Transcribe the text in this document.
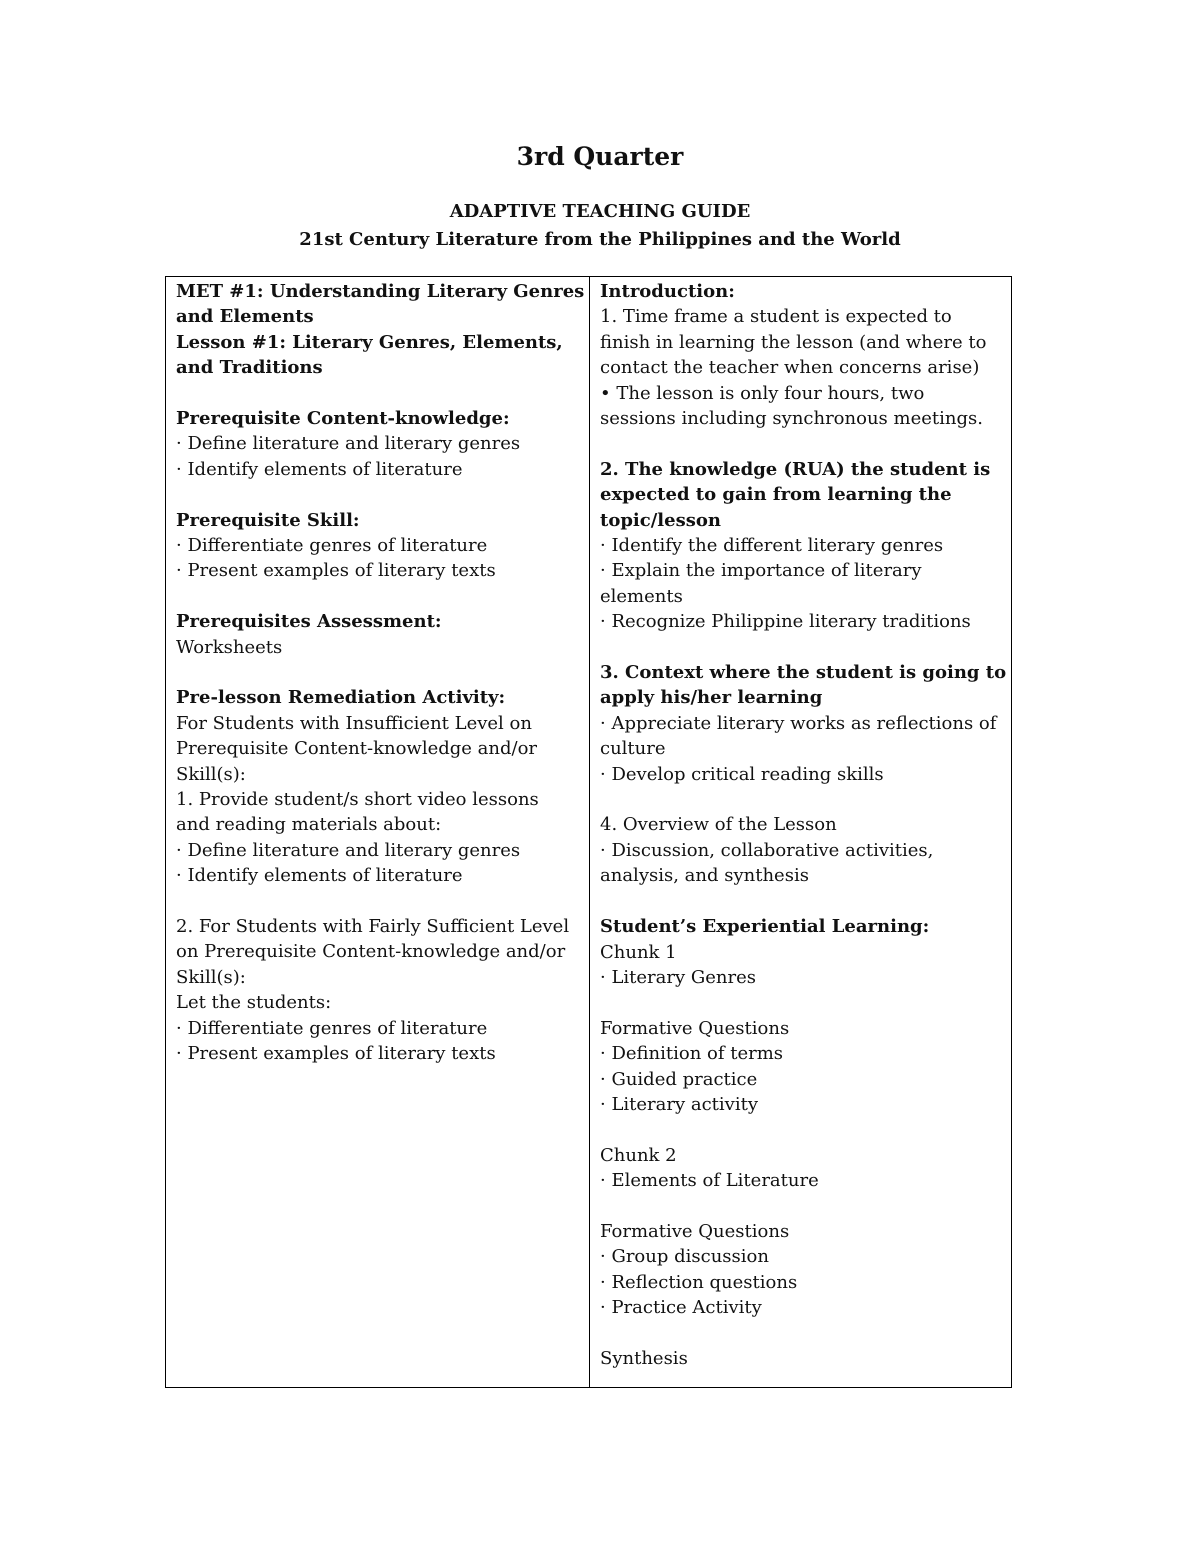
3rd Quarter
ADAPTIVE TEACHING GUIDE
21st Century Literature from the Philippines and the World
MET #1: Understanding Literary Genres
and Elements
Lesson #1: Literary Genres, Elements,
and Traditions
Prerequisite Content-knowledge:
· Define literature and literary genres
· Identify elements of literature
Prerequisite Skill:
· Differentiate genres of literature
· Present examples of literary texts
Prerequisites Assessment:
Worksheets
Pre-lesson Remediation Activity:
For Students with Insufficient Level on
Prerequisite Content-knowledge and/or
Skill(s):
1. Provide student/s short video lessons
and reading materials about:
· Define literature and literary genres
· Identify elements of literature
2. For Students with Fairly Sufficient Level
on Prerequisite Content-knowledge and/or
Skill(s):
Let the students:
· Differentiate genres of literature
· Present examples of literary texts
Introduction:
1. Time frame a student is expected to
finish in learning the lesson (and where to
contact the teacher when concerns arise)
• The lesson is only four hours, two
sessions including synchronous meetings.
2. The knowledge (RUA) the student is
expected to gain from learning the
topic/lesson
· Identify the different literary genres
· Explain the importance of literary
elements
· Recognize Philippine literary traditions
3. Context where the student is going to
apply his/her learning
· Appreciate literary works as reflections of
culture
· Develop critical reading skills
4. Overview of the Lesson
· Discussion, collaborative activities,
analysis, and synthesis
Student’s Experiential Learning:
Chunk 1
· Literary Genres
Formative Questions
· Definition of terms
· Guided practice
· Literary activity
Chunk 2
· Elements of Literature
Formative Questions
· Group discussion
· Reflection questions
· Practice Activity
Synthesis
